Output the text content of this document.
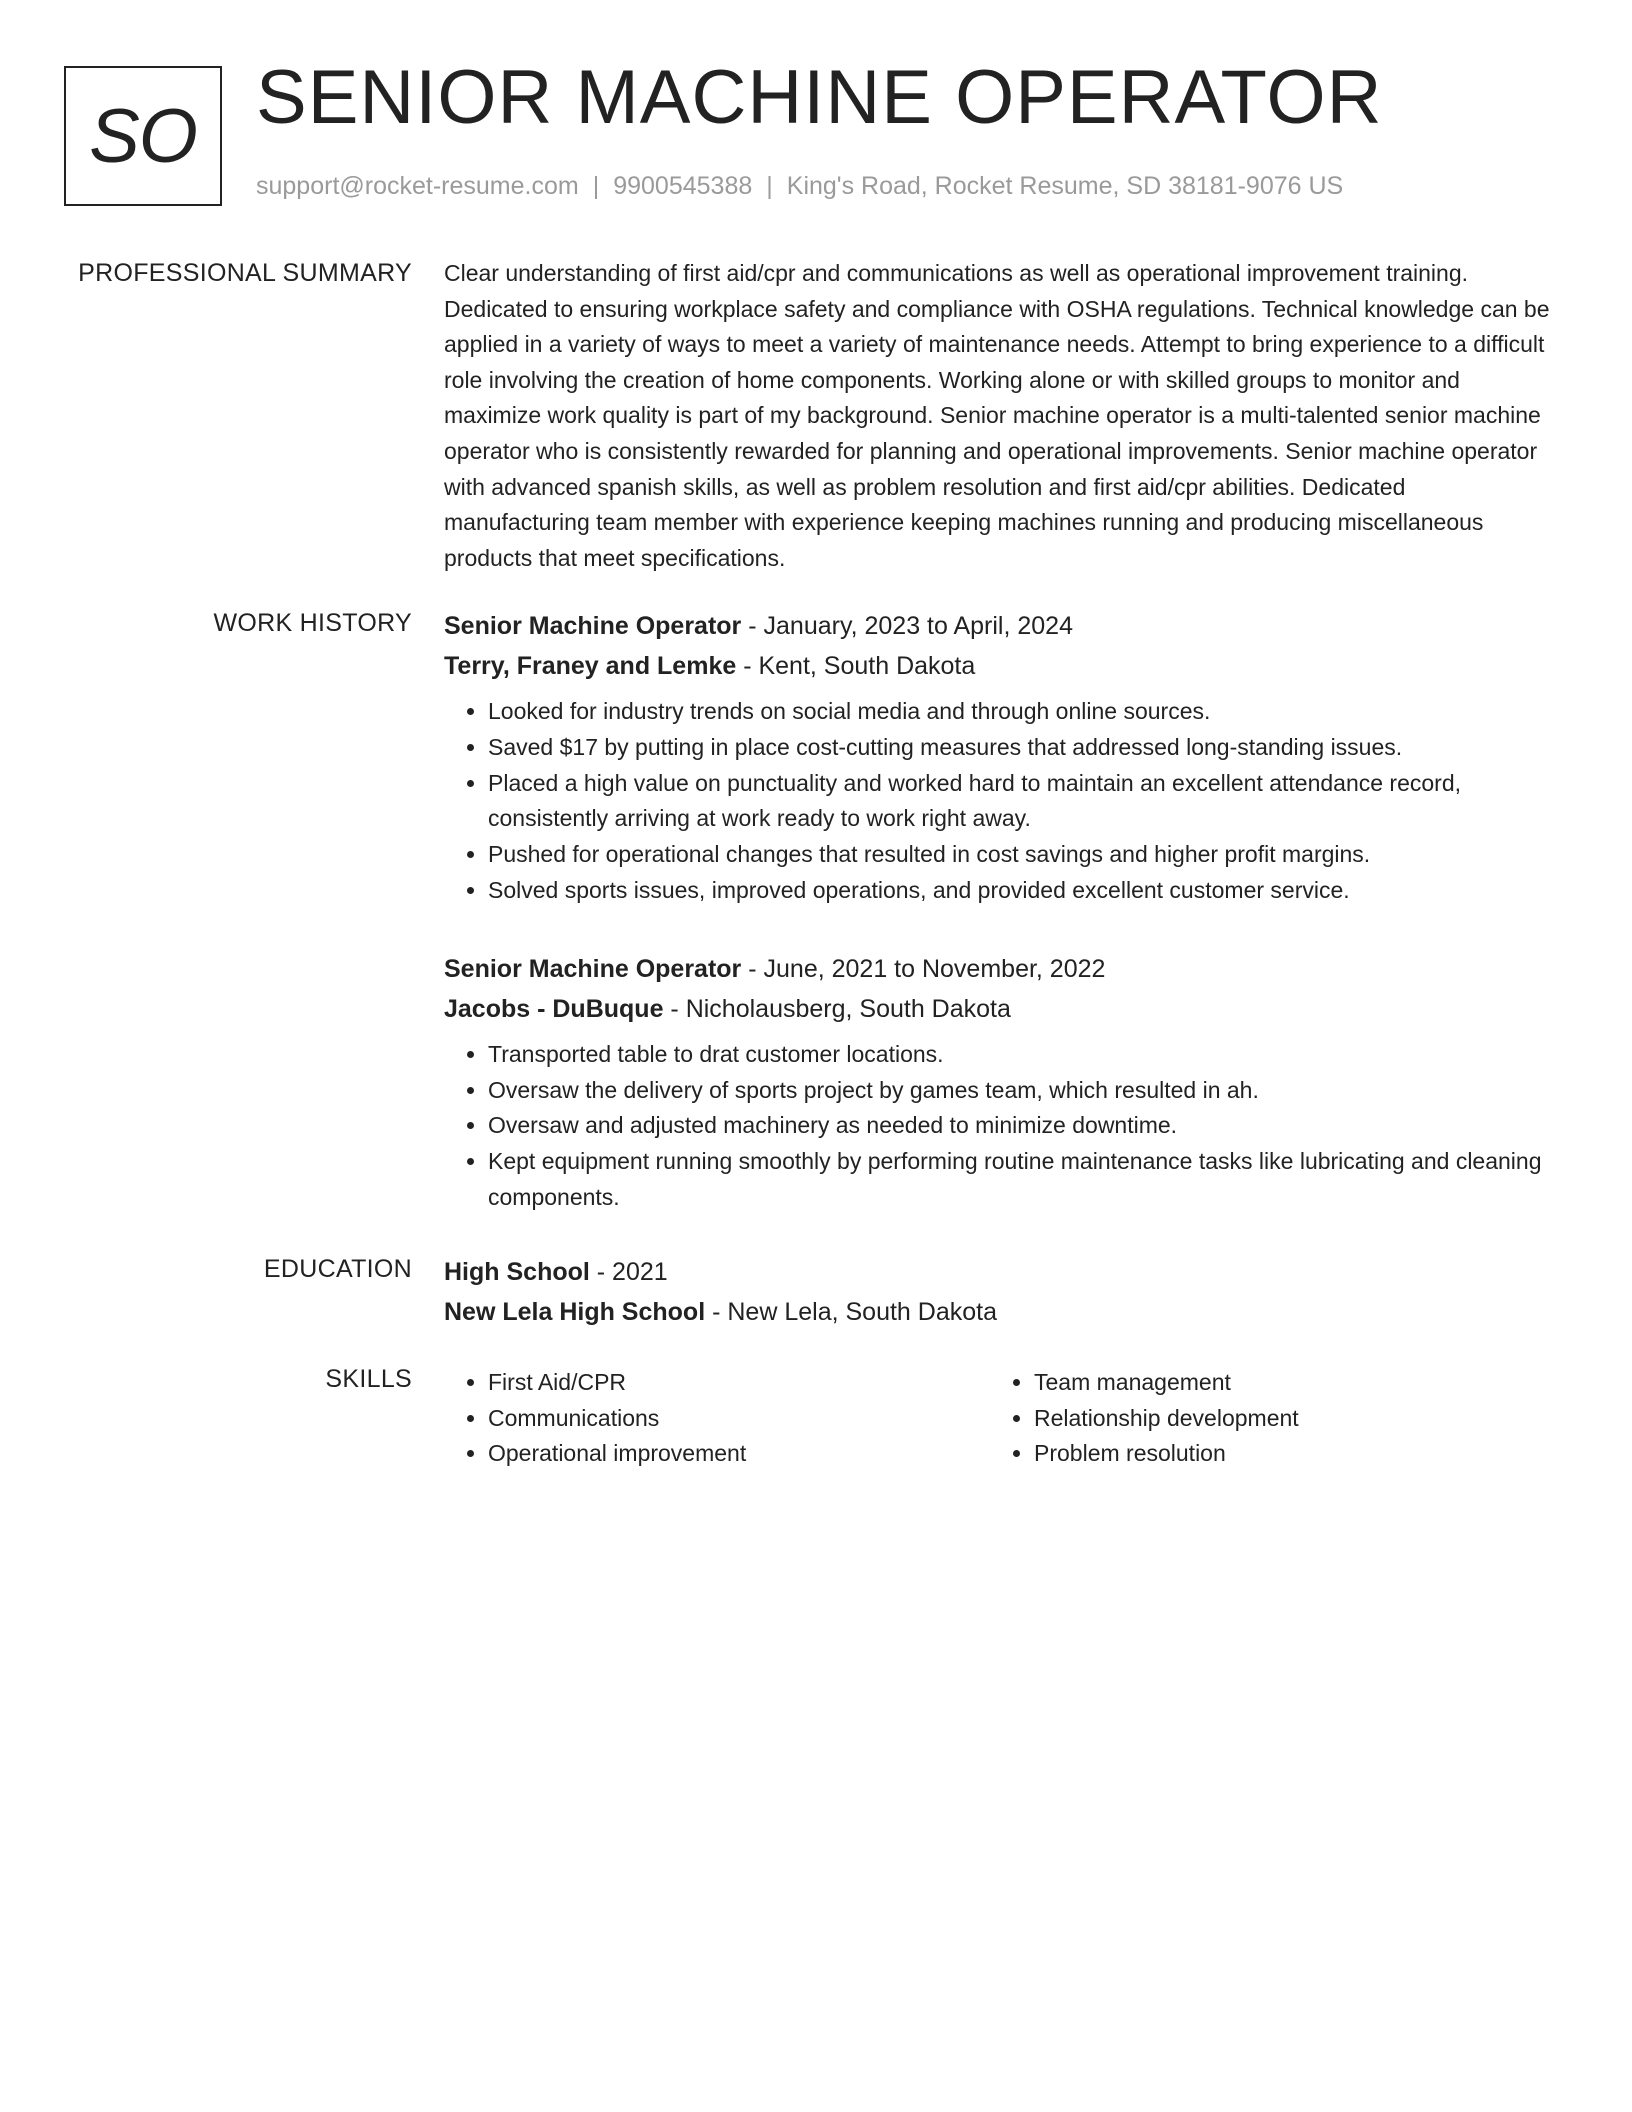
SO SENIOR MACHINE OPERATOR
support@rocket-resume.com | 9900545388 | King's Road, Rocket Resume, SD 38181-9076 US
PROFESSIONAL SUMMARY Clear understanding of first aid/cpr and communications as well as operational improvement training. Dedicated to ensuring workplace safety and compliance with OSHA regulations. Technical knowledge can be applied in a variety of ways to meet a variety of maintenance needs. Attempt to bring experience to a difficult role involving the creation of home components. Working alone or with skilled groups to monitor and maximize work quality is part of my background. Senior machine operator is a multi-talented senior machine operator who is consistently rewarded for planning and operational improvements. Senior machine operator with advanced spanish skills, as well as problem resolution and first aid/cpr abilities. Dedicated manufacturing team member with experience keeping machines running and producing miscellaneous products that meet specifications.

WORK HISTORY Senior Machine Operator - January, 2023 to April, 2024
Terry, Franey and Lemke - Kent, South Dakota
• Looked for industry trends on social media and through online sources.
• Saved $17 by putting in place cost-cutting measures that addressed long-standing issues.
• Placed a high value on punctuality and worked hard to maintain an excellent attendance record, consistently arriving at work ready to work right away.
• Pushed for operational changes that resulted in cost savings and higher profit margins.
• Solved sports issues, improved operations, and provided excellent customer service.
Senior Machine Operator - June, 2021 to November, 2022
Jacobs - DuBuque - Nicholausberg, South Dakota
• Transported table to drat customer locations.
• Oversaw the delivery of sports project by games team, which resulted in ah.
• Oversaw and adjusted machinery as needed to minimize downtime.
• Kept equipment running smoothly by performing routine maintenance tasks like lubricating and cleaning components.
EDUCATION High School - 2021
New Lela High School - New Lela, South Dakota
SKILLS
•	First Aid/CPR
• Communications
• Operational improvement
• Team management
• Relationship development
• Problem resolution
